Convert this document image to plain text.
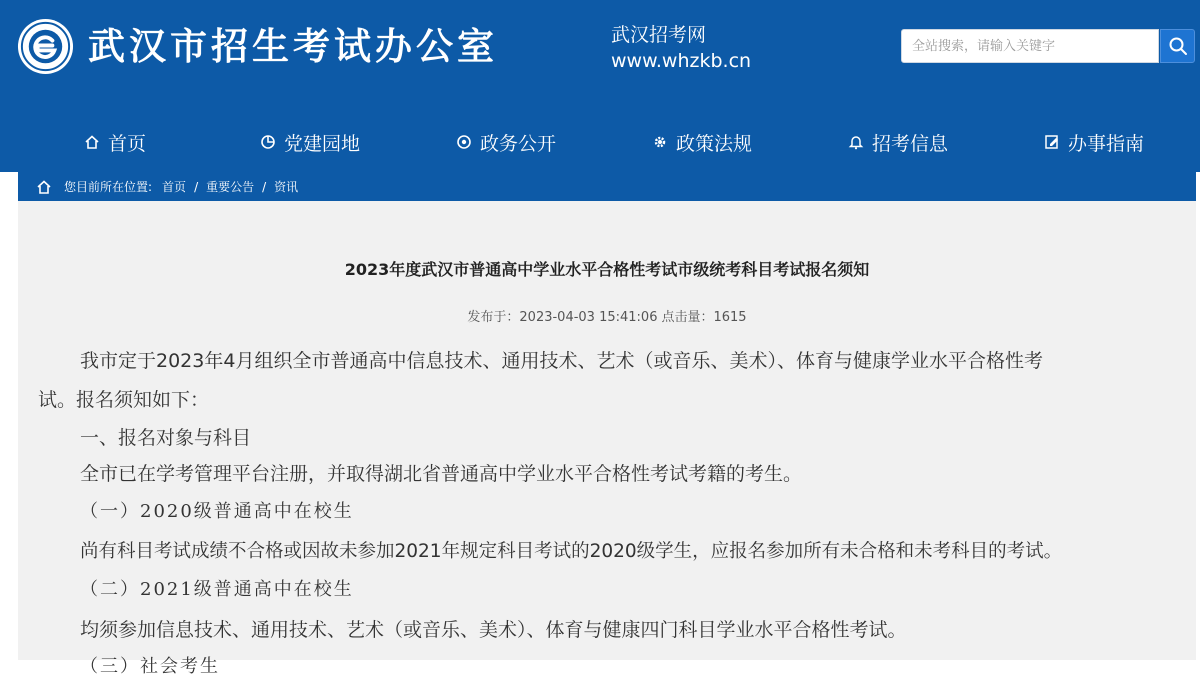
武汉市招生考试办公室	武汉招考网
www.whzkb.cn
全站搜索，请输入关键字
首页	党建园地	政务公开	政策法规	招考信息	办事指南
您目前所在位置: 首页 / 重要公告 / 资讯
2023年度武汉市普通高中学业水平合格性考试市级统考科目考试报名须知
发布于：2023-04-03 15:41:06 点击量：1615
我市定于2023年4月组织全市普通高中信息技术、通用技术、艺术（或音乐、美术）、体育与健康学业水平合格性考
试。报名须知如下：
一、报名对象与科目
全市已在学考管理平台注册，并取得湖北省普通高中学业水平合格性考试考籍的考生。
（一）2020级普通高中在校生
尚有科目考试成绩不合格或因故未参加2021年规定科目考试的2020级学生，应报名参加所有未合格和未考科目的考试。
（二）2021级普通高中在校生
均须参加信息技术、通用技术、艺术（或音乐、美术）、体育与健康四门科目学业水平合格性考试。
（三）社会考生
